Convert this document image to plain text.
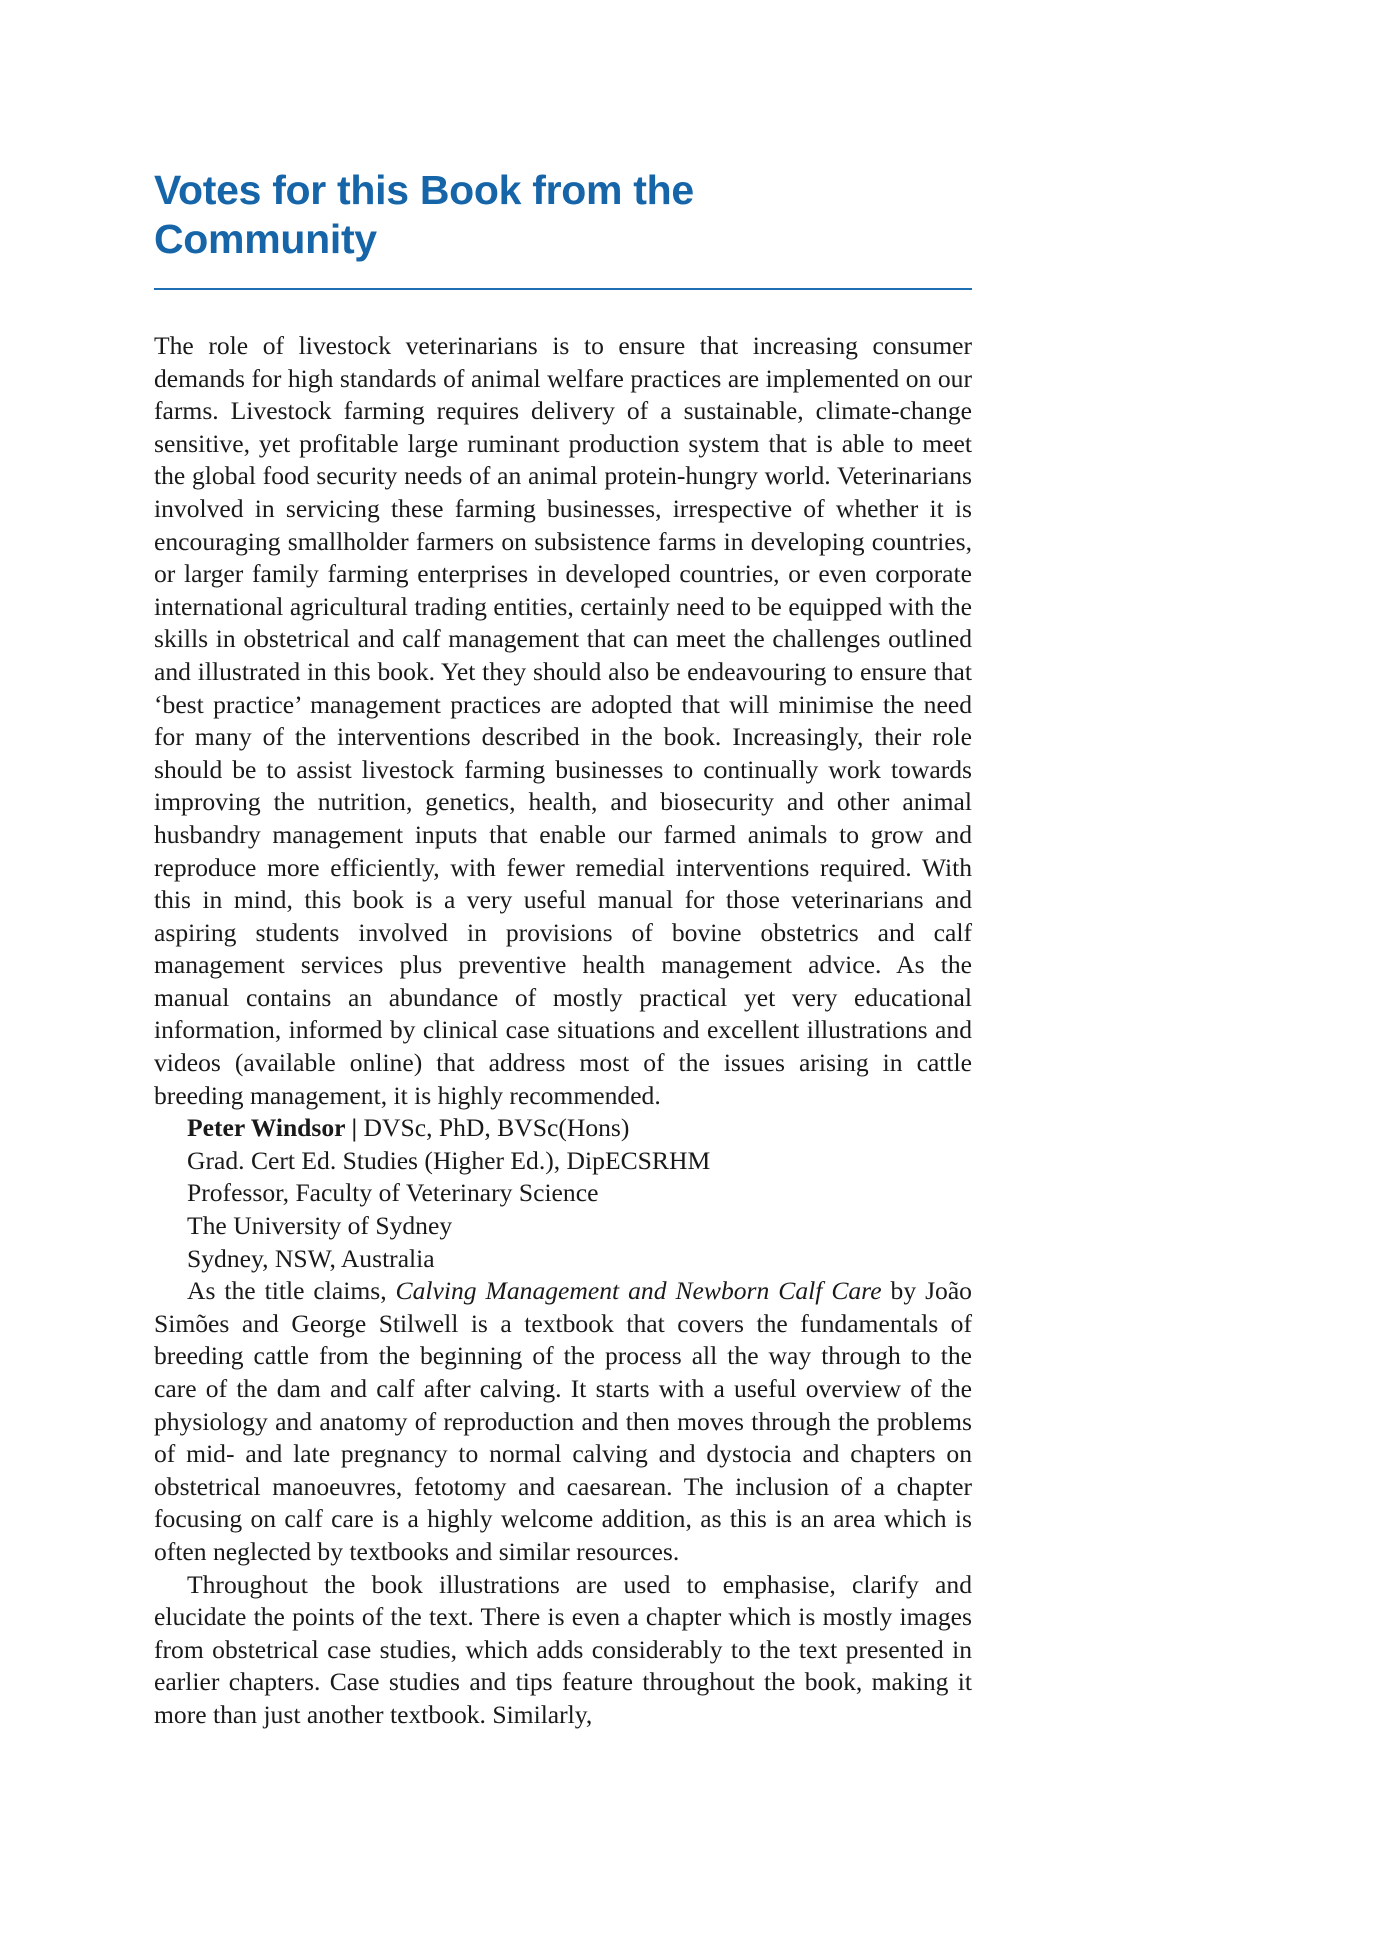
Votes for this Book from the
Community

The role of livestock veterinarians is to ensure that increasing consumer demands for high standards of animal welfare practices are implemented on our farms. Livestock farming requires delivery of a sustainable, climate-change sensitive, yet profitable large ruminant production system that is able to meet the global food security needs of an animal protein-hungry world. Veterinarians involved in servicing these farming businesses, irrespective of whether it is encouraging smallholder farmers on subsistence farms in developing countries, or larger family farming enterprises in developed countries, or even corporate international agricultural trading entities, certainly need to be equipped with the skills in obstetrical and calf management that can meet the challenges outlined and illustrated in this book. Yet they should also be endeavouring to ensure that ‘best practice’ management practices are adopted that will minimise the need for many of the interventions described in the book. Increasingly, their role should be to assist livestock farming businesses to continually work towards improving the nutrition, genetics, health, and biosecurity and other animal husbandry management inputs that enable our farmed animals to grow and reproduce more efficiently, with fewer remedial interventions required. With this in mind, this book is a very useful manual for those veterinarians and aspiring students involved in provisions of bovine obstetrics and calf management services plus preventive health management advice. As the manual contains an abundance of mostly practical yet very educational information, informed by clinical case situations and excellent illustrations and videos (available online) that address most of the issues arising in cattle breeding management, it is highly recommended.

Peter Windsor | DVSc, PhD, BVSc(Hons)
Grad. Cert Ed. Studies (Higher Ed.), DipECSRHM
Professor, Faculty of Veterinary Science
The University of Sydney
Sydney, NSW, Australia

As the title claims, Calving Management and Newborn Calf Care by João Simões and George Stilwell is a textbook that covers the fundamentals of breeding cattle from the beginning of the process all the way through to the care of the dam and calf after calving. It starts with a useful overview of the physiology and anatomy of reproduction and then moves through the problems of mid- and late pregnancy to normal calving and dystocia and chapters on obstetrical manoeuvres, fetotomy and caesarean. The inclusion of a chapter focusing on calf care is a highly welcome addition, as this is an area which is often neglected by textbooks and similar resources.

Throughout the book illustrations are used to emphasise, clarify and elucidate the points of the text. There is even a chapter which is mostly images from obstetrical case studies, which adds considerably to the text presented in earlier chapters. Case studies and tips feature throughout the book, making it more than just another textbook. Similarly,
